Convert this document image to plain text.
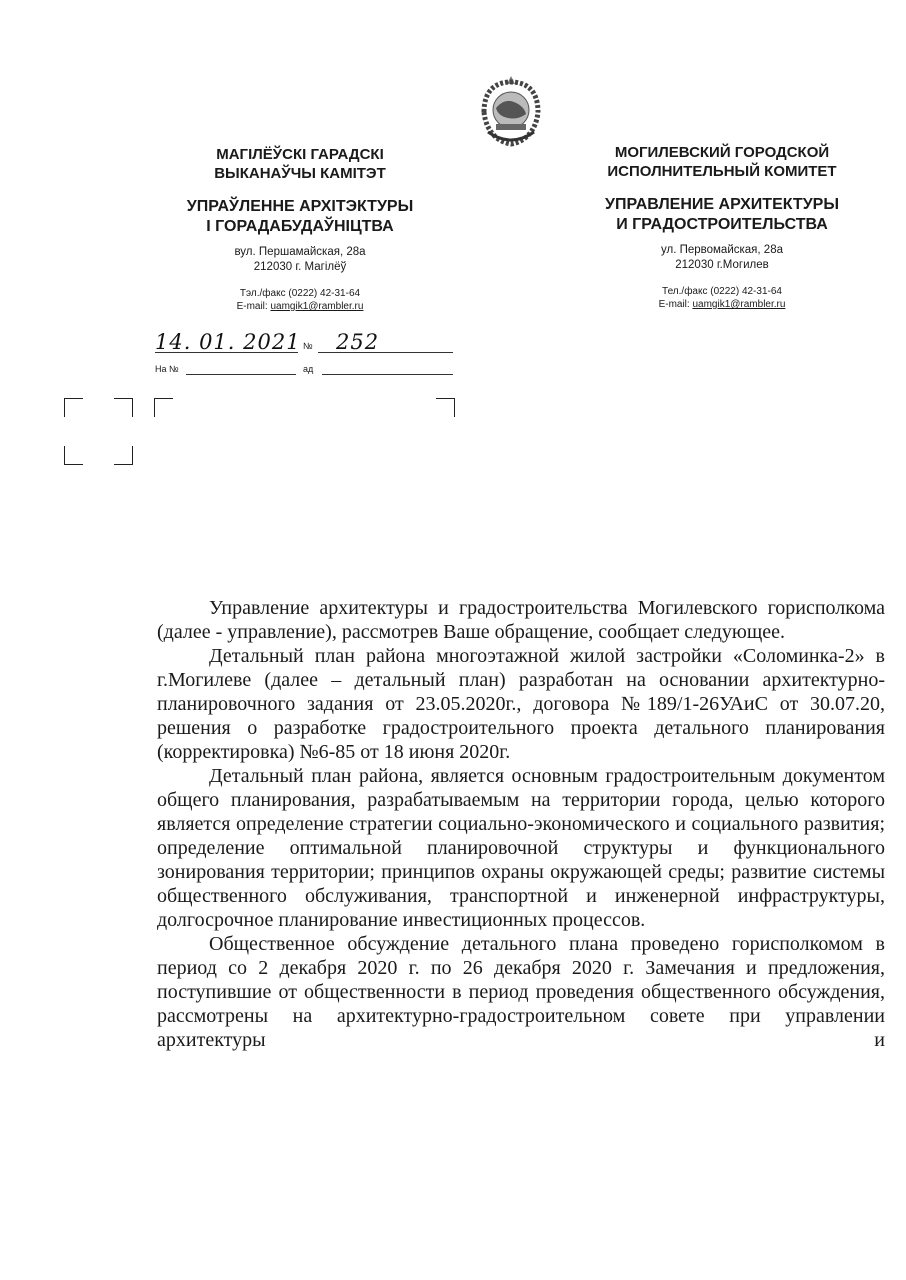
МАГІЛЁЎСКІ ГАРАДСКІ

ВЫКАНАЎЧЫ КАМІТЭТ

УПРАЎЛЕННЕ АРХІТЭКТУРЫ

І ГОРАДАБУДАЎНІЦТВА

вул. Першамайская, 28а

212030 г. Магілёў

Тэл./факс (0222) 42-31-64

E-mail: uamgik1@rambler.ru

МОГИЛЕВСКИЙ ГОРОДСКОЙ

ИСПОЛНИТЕЛЬНЫЙ КОМИТЕТ

УПРАВЛЕНИЕ АРХИТЕКТУРЫ

И ГРАДОСТРОИТЕЛЬСТВА

ул. Первомайская, 28а

212030 г.Могилев

Тел./факс (0222) 42-31-64

E-mail: uamgik1@rambler.ru

14. 01. 2021 № 252
На №	ад

Управление архитектуры и градостроительства Могилевского горисполкома (далее - управление), рассмотрев Ваше обращение, сообщает следующее.

Детальный план района многоэтажной жилой застройки «Соломинка-2» в г.Могилеве (далее – детальный план) разработан на основании архитектурно-планировочного задания от 23.05.2020г., договора №189/1-26УАиС от 30.07.20, решения о разработке градостроительного проекта детального планирования (корректировка) №6-85 от 18 июня 2020г.

Детальный план района, является основным градостроительным документом общего планирования, разрабатываемым на территории города, целью которого является определение стратегии социально-экономического и социального развития; определение оптимальной планировочной структуры и функционального зонирования территории; принципов охраны окружающей среды; развитие системы общественного обслуживания, транспортной и инженерной инфраструктуры, долгосрочное планирование инвестиционных процессов.

Общественное обсуждение детального плана проведено горисполкомом в период со 2 декабря 2020 г. по 26 декабря 2020 г. Замечания и предложения, поступившие от общественности в период проведения общественного обсуждения, рассмотрены на архитектурно-градостроительном совете при управлении архитектуры и
